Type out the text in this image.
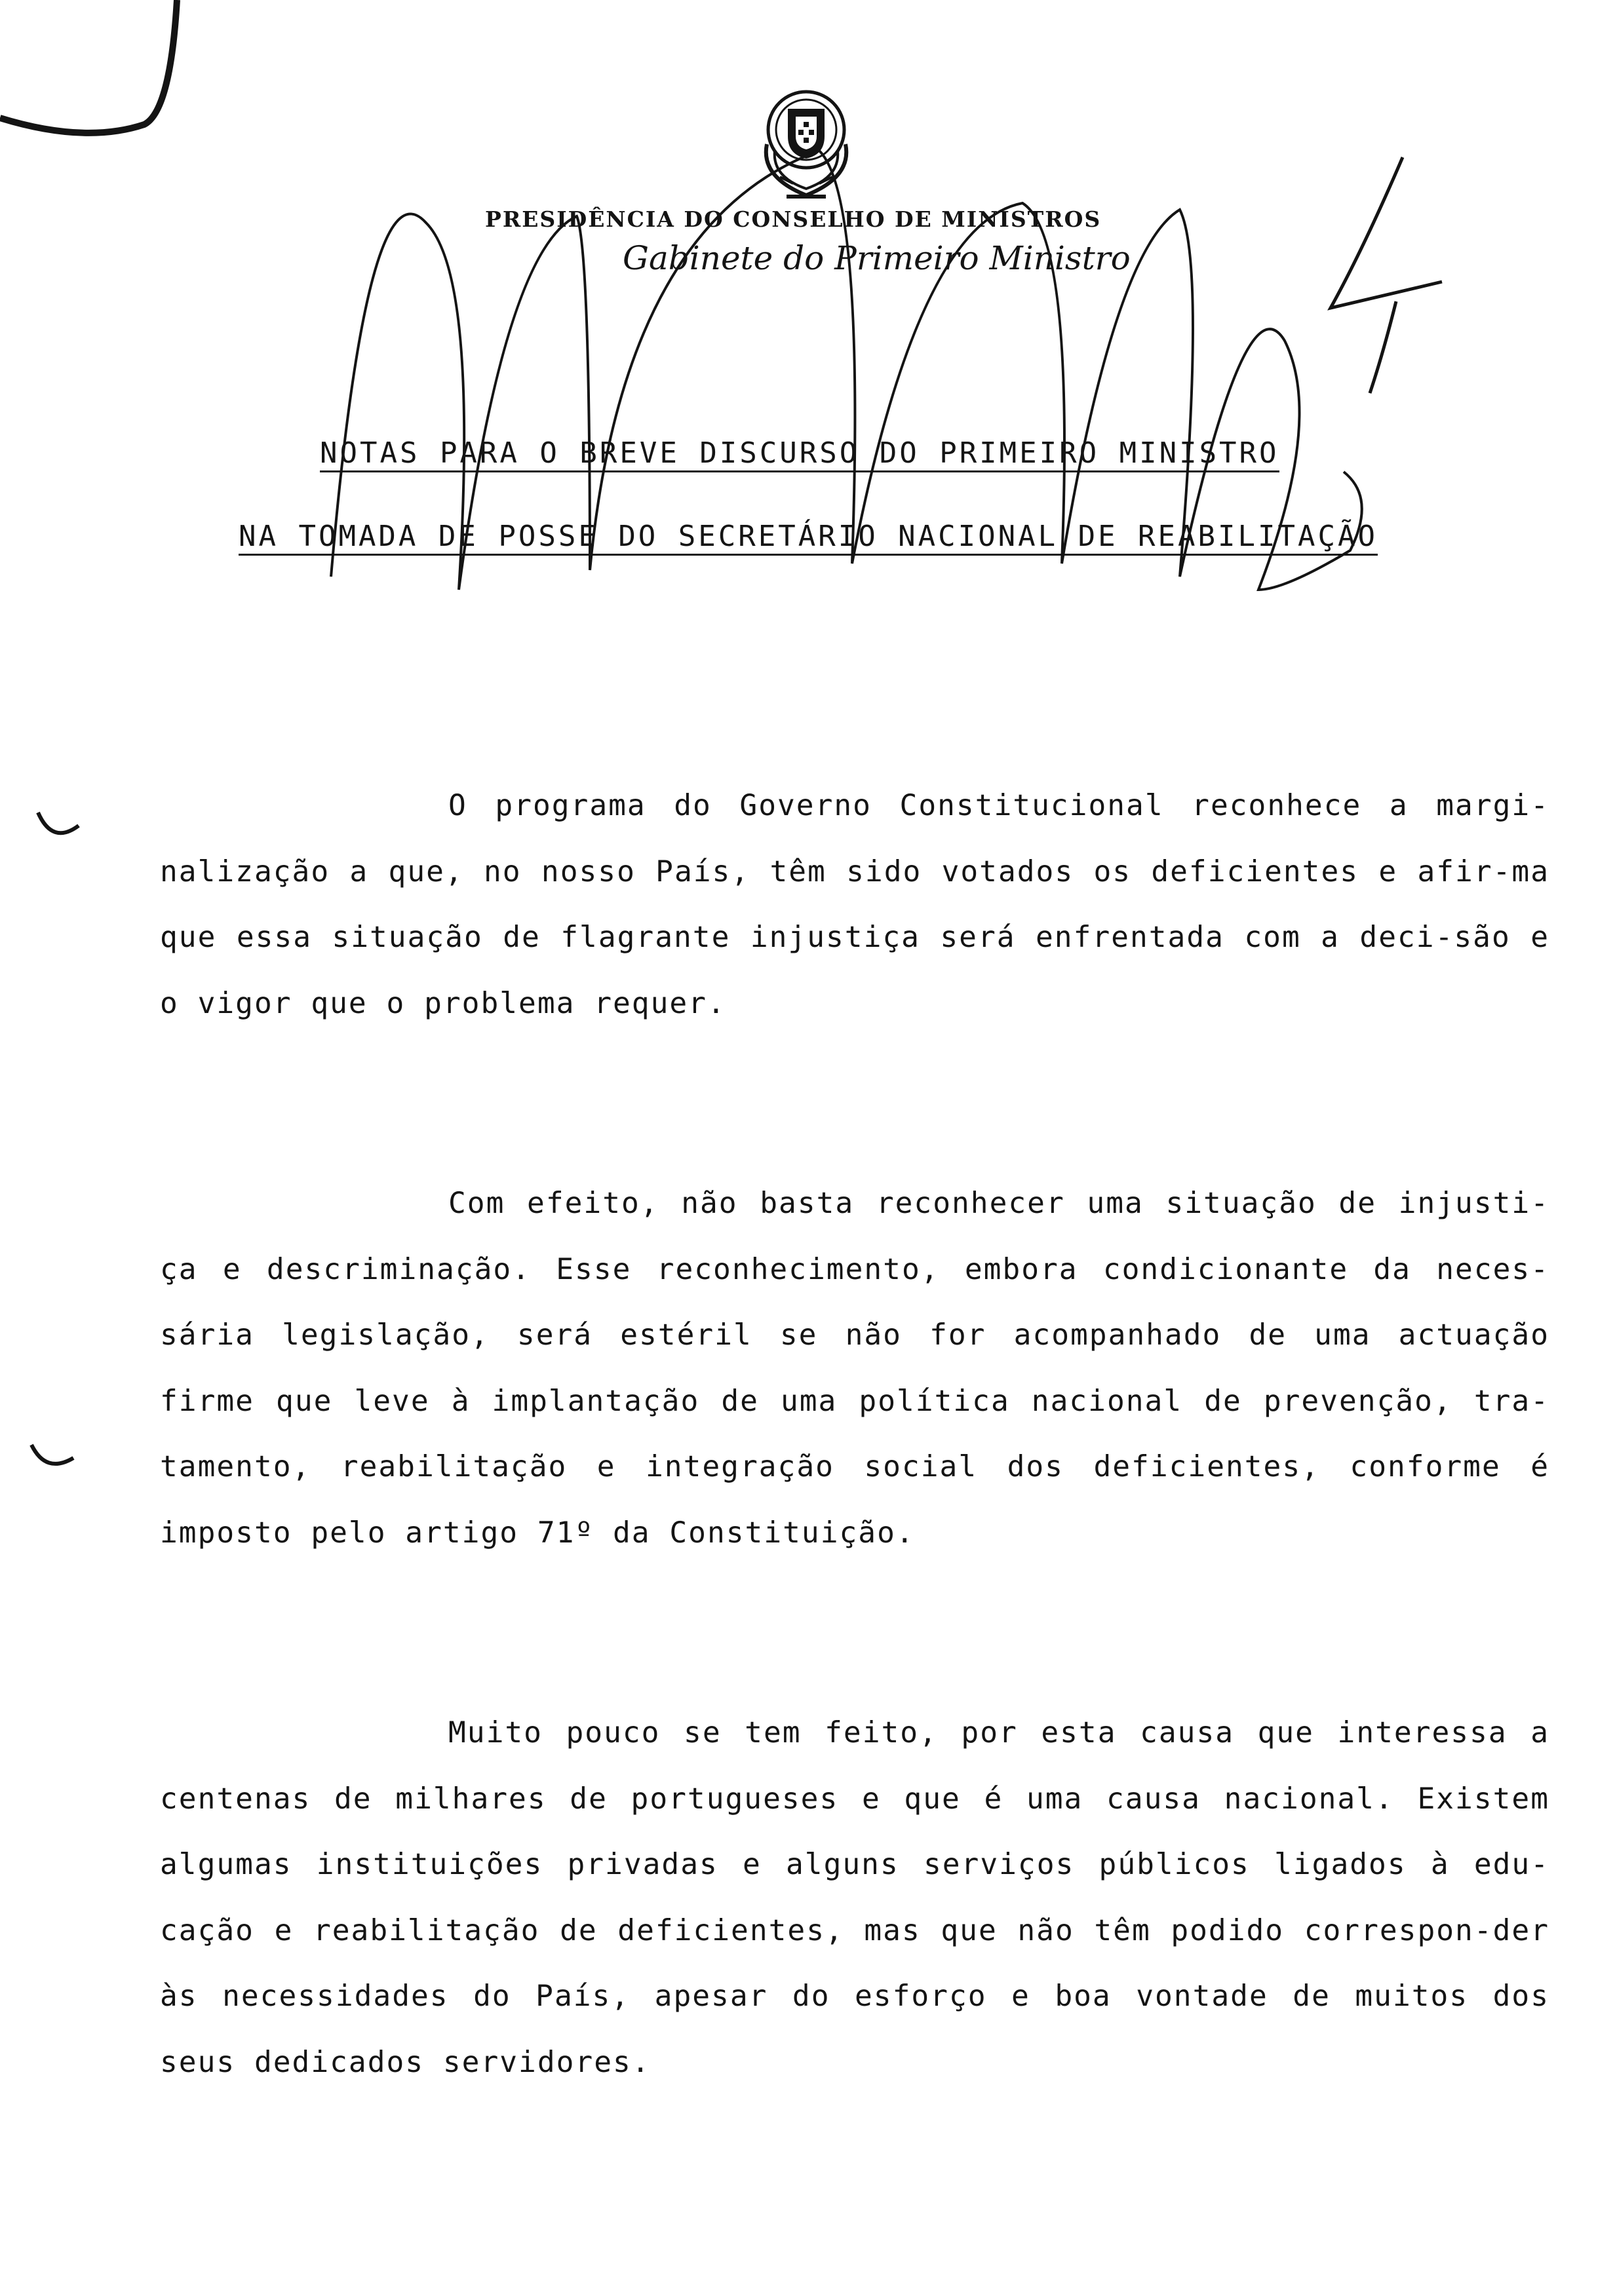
PRESIDÊNCIA DO CONSELHO DE MINISTROS
Gabinete do Primeiro Ministro
NOTAS PARA O BREVE DISCURSO DO PRIMEIRO MINISTRO
NA TOMADA DE POSSE DO SECRETÁRIO NACIONAL DE REABILITAÇÃO

O programa do Governo Constitucional reconhece a margi-nalização a que, no nosso País, têm sido votados os deficientes e afir-ma que essa situação de flagrante injustiça será enfrentada com a deci-são e o vigor que o problema requer.

Com efeito, não basta reconhecer uma situação de injusti-ça e descriminação. Esse reconhecimento, embora condicionante da neces-sária legislação, será estéril se não for acompanhado de uma actuação firme que leve à implantação de uma política nacional de prevenção, tra-tamento, reabilitação e integração social dos deficientes, conforme é imposto pelo artigo 71º da Constituição.

Muito pouco se tem feito, por esta causa que interessa a centenas de milhares de portugueses e que é uma causa nacional. Existem algumas instituições privadas e alguns serviços públicos ligados à edu-cação e reabilitação de deficientes, mas que não têm podido correspon-der às necessidades do País, apesar do esforço e boa vontade de muitos dos seus dedicados servidores.
